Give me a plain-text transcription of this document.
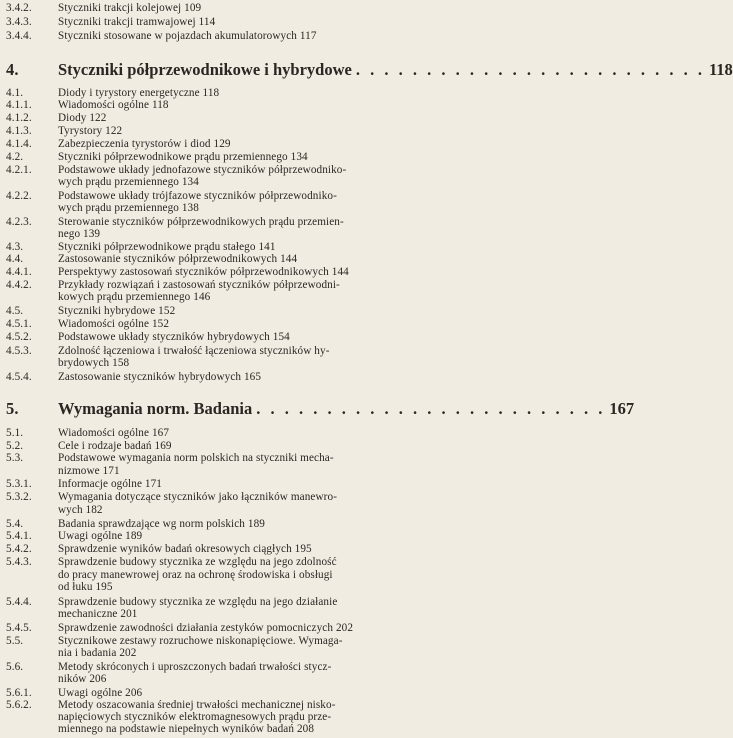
3.4.2.	Styczniki trakcji kolejowej 109
3.4.3.	Styczniki trakcji tramwajowej 114
3.4.4.	Styczniki stosowane w pojazdach akumulatorowych 117
4.	Styczniki półprzewodnikowe i hybrydowe . . . . . . . . . . . . . . . . . . . . . . . . . 118
4.1.	Diody i tyrystory energetyczne 118
4.1.1.	Wiadomości ogólne 118
4.1.2.	Diody 122
4.1.3.	Tyrystory 122
4.1.4.	Zabezpieczenia tyrystorów i diod 129
4.2.	Styczniki półprzewodnikowe prądu przemiennego 134
4.2.1.	Podstawowe układy jednofazowe styczników półprzewodniko-
wych prądu przemiennego 134
4.2.2.	Podstawowe układy trójfazowe styczników półprzewodniko-
wych prądu przemiennego 138
4.2.3.	Sterowanie styczników półprzewodnikowych prądu przemien-
nego 139
4.3.	Styczniki półprzewodnikowe prądu stałego 141
4.4.	Zastosowanie styczników półprzewodnikowych 144
4.4.1.	Perspektywy zastosowań styczników półprzewodnikowych 144
4.4.2.	Przykłady rozwiązań i zastosowań styczników półprzewodni-
kowych prądu przemiennego 146
4.5.	Styczniki hybrydowe 152
4.5.1.	Wiadomości ogólne 152
4.5.2.	Podstawowe układy styczników hybrydowych 154
4.5.3.	Zdolność łączeniowa i trwałość łączeniowa styczników hy-
brydowych 158
4.5.4.	Zastosowanie styczników hybrydowych 165
5.	Wymagania norm. Badania . . . . . . . . . . . . . . . . . . . . . . . . . 167
5.1.	Wiadomości ogólne 167
5.2.	Cele i rodzaje badań 169
5.3.	Podstawowe wymagania norm polskich na styczniki mecha-
nizmowe 171
5.3.1.	Informacje ogólne 171
5.3.2.	Wymagania dotyczące styczników jako łączników manewro-
wych 182
5.4.	Badania sprawdzające wg norm polskich 189
5.4.1.	Uwagi ogólne 189
5.4.2.	Sprawdzenie wyników badań okresowych ciągłych 195
5.4.3.	Sprawdzenie budowy stycznika ze względu na jego zdolność
do pracy manewrowej oraz na ochronę środowiska i obsługi
od łuku 195
5.4.4.	Sprawdzenie budowy stycznika ze względu na jego działanie
mechaniczne 201
5.4.5.	Sprawdzenie zawodności działania zestyków pomocniczych 202
5.5.	Stycznikowe zestawy rozruchowe niskonapięciowe. Wymaga-
nia i badania 202
5.6.	Metody skróconych i uproszczonych badań trwałości stycz-
ników 206
5.6.1.	Uwagi ogólne 206
5.6.2.	Metody oszacowania średniej trwałości mechanicznej nisko-
napięciowych styczników elektromagnesowych prądu prze-
miennego na podstawie niepełnych wyników badań 208
